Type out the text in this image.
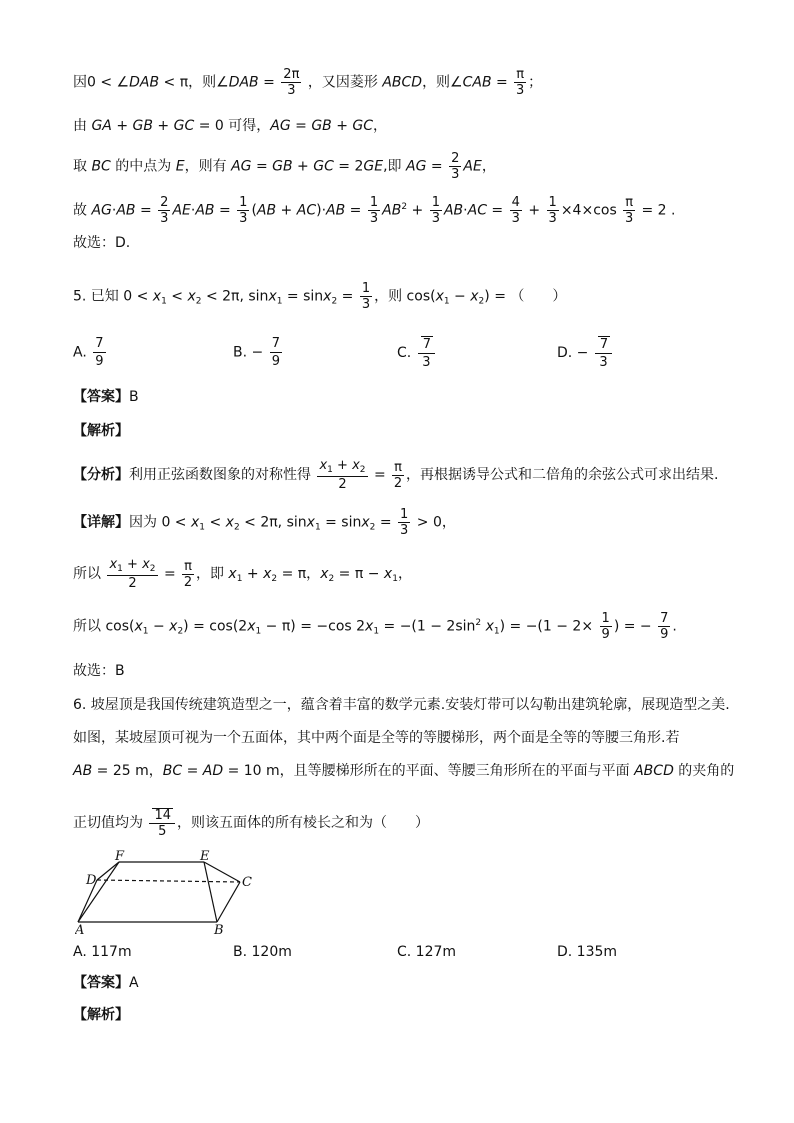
因0 < ∠DAB < π，则∠DAB = $\frac{2\pi}{3}$ ，又因菱形 ABCD，则∠CAB = $\frac{\pi}{3}$ ；
由 GA + GB + GC = 0 可得，AG = GB + GC，
取 BC 的中点为 E，则有 AG = GB + GC = 2GE,即 AG = $\frac{2}{3}$ AE，
故 $AG\cdot AB = \frac{2}{3} AE\cdot AB = \frac{1}{3} (AB + AC)\cdot AB = \frac{1}{3} AB^2 + \frac{1}{3} AB\cdot AC = \frac{4}{3} + \frac{1}{3} \times 4\times\cos \frac{\pi}{3} = 2$ .
故选：D.
5. 已知 $0 < x_1 < x_2 < 2\pi$, $\sin x_1 = \sin x_2 = \frac{1}{3}$ ，则 $\cos(x_1 - x_2)$ = （　　）
A. $\frac{7}{9}$	B. − $\frac{7}{9}$	C. $\frac{7}{3}$	D. − $\frac{7}{3}$
【答案】B
【解析】
【分析】利用正弦函数图象的对称性得 $\frac{x_1 + x_2}{2} = \frac{\pi}{2}$ ，再根据诱导公式和二倍角的余弦公式可求出结果.
【详解】因为 $0 < x_1 < x_2 < 2\pi$, $\sin x_1 = \sin x_2 = \frac{1}{3} > 0$，
所以 $\frac{x_1 + x_2}{2} = \frac{\pi}{2}$ ，即 $x_1 + x_2 = \pi$，$x_2 = \pi - x_1$，
所以 $\cos(x_1 - x_2) = \cos(2x_1 - \pi) = -\cos$ $2x_1 = -(1 - 2\sin^2$ $x_1) = -(1 - 2\times \frac{1}{9}$ ) = − $\frac{7}{9}$ .
故选：B
6. 坡屋顶是我国传统建筑造型之一，蕴含着丰富的数学元素.安装灯带可以勾勒出建筑轮廓，展现造型之美.
如图，某坡屋顶可视为一个五面体，其中两个面是全等的等腰梯形，两个面是全等的等腰三角形.若
AB = 25 m，BC = AD = 10 m，且等腰梯形所在的平面、等腰三角形所在的平面与平面 ABCD 的夹角的
正切值均为 $\frac{14}{5}$ ，则该五面体的所有棱长之和为（　　）
F	E
D	C
A	B
A. 117m	B. 120m	C. 127m	D. 135m
【答案】A
【解析】
